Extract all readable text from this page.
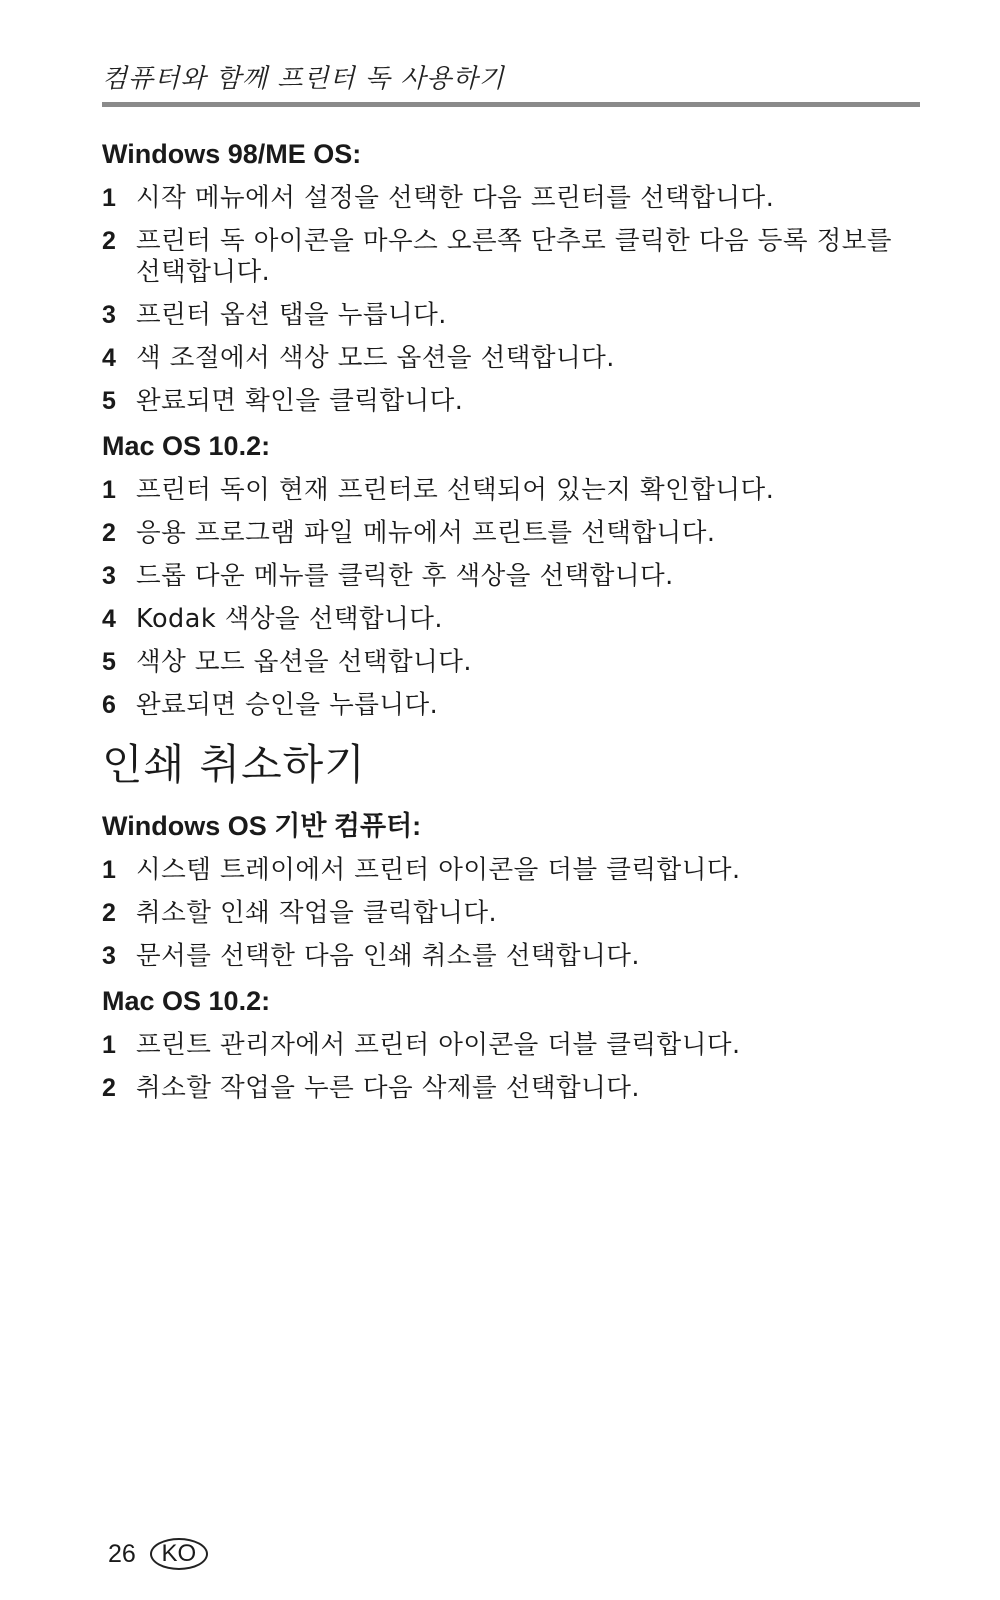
컴퓨터와 함께 프린터 독 사용하기
Windows 98/ME OS:
1 시작 메뉴에서 설정을 선택한 다음 프린터를 선택합니다.
2 프린터 독 아이콘을 마우스 오른쪽 단추로 클릭한 다음 등록 정보를 선택합니다.
3 프린터 옵션 탭을 누릅니다.
4 색 조절에서 색상 모드 옵션을 선택합니다.
5 완료되면 확인을 클릭합니다.
Mac OS 10.2:
1 프린터 독이 현재 프린터로 선택되어 있는지 확인합니다.
2 응용 프로그램 파일 메뉴에서 프린트를 선택합니다.
3 드롭 다운 메뉴를 클릭한 후 색상을 선택합니다.
4 Kodak 색상을 선택합니다.
5 색상 모드 옵션을 선택합니다.
6 완료되면 승인을 누릅니다.
인쇄 취소하기
Windows OS 기반 컴퓨터:
1 시스템 트레이에서 프린터 아이콘을 더블 클릭합니다.
2 취소할 인쇄 작업을 클릭합니다.
3 문서를 선택한 다음 인쇄 취소를 선택합니다.
Mac OS 10.2:
1 프린트 관리자에서 프린터 아이콘을 더블 클릭합니다.
2 취소할 작업을 누른 다음 삭제를 선택합니다.
26	KO
